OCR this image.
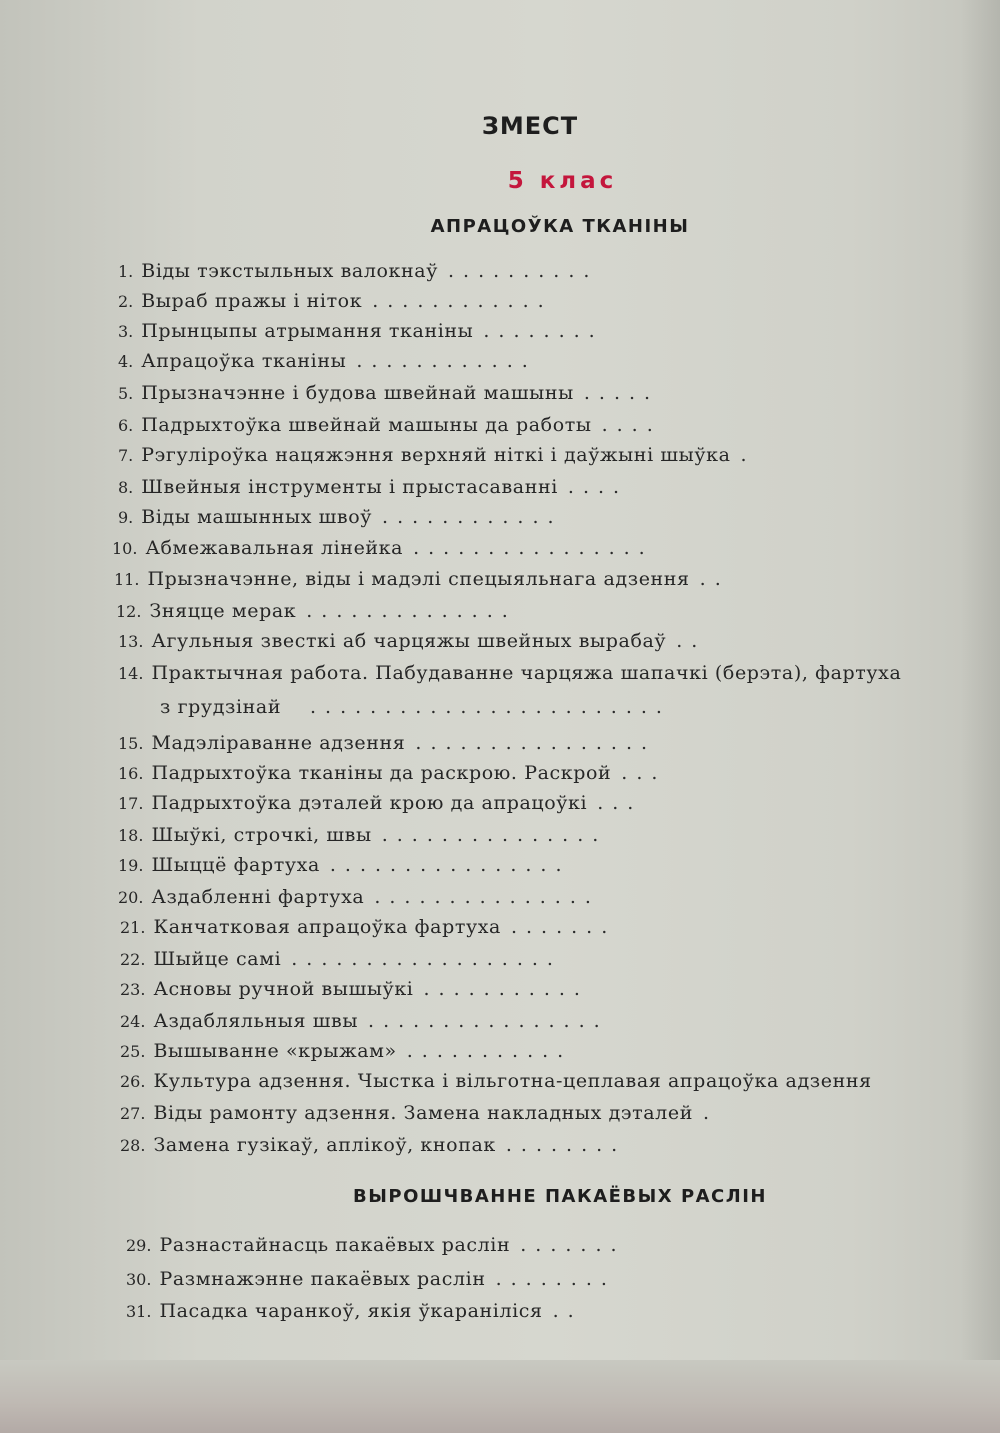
ЗМЕСТ
5 клас
АПРАЦОЎКА ТКАНІНЫ
ВЫРОШЧВАННЕ ПАКАЁВЫХ РАСЛІН
1. Віды тэкстыльных валокнаў ..........
2. Выраб пражы і ніток ............
3. Прынцыпы атрымання тканіны ........
4. Апрацоўка тканіны ............
5. Прызначэнне і будова швейнай машыны .....
6. Падрыхтоўка швейнай машыны да работы ....
7. Рэгуліроўка нацяжэння верхняй ніткі і даўжыні шыўка .
8. Швейныя інструменты і прыстасаванні ....
9. Віды машынных швоў ............
10. Абмежавальная лінейка ................
11. Прызначэнне, віды і мадэлі спецыяльнага адзення ..
12. Зняцце мерак ..............
13. Агульныя звесткі аб чарцяжы швейных вырабаў ..
14. Практычная работа. Пабудаванне чарцяжа шапачкі (берэта), фартуха
з грудзінай ........................
15. Мадэліраванне адзення ................
16. Падрыхтоўка тканіны да раскрою. Раскрой ...
17. Падрыхтоўка дэталей крою да апрацоўкі ...
18. Шыўкі, строчкі, швы ...............
19. Шыццё фартуха ................
20. Аздабленні фартуха ...............
21. Канчатковая апрацоўка фартуха .......
22. Шыйце самі ..................
23. Асновы ручной вышыўкі ...........
24. Аздабляльныя швы ................
25. Вышыванне «крыжам» ...........
26. Культура адзення. Чыстка і вільготна-цеплавая апрацоўка адзення
27. Віды рамонту адзення. Замена накладных дэталей .
28. Замена гузікаў, аплікоў, кнопак ........
29. Разнастайнасць пакаёвых раслін .......
30. Размнажэнне пакаёвых раслін ........
31. Пасадка чаранкоў, якія ўкараніліся ..
